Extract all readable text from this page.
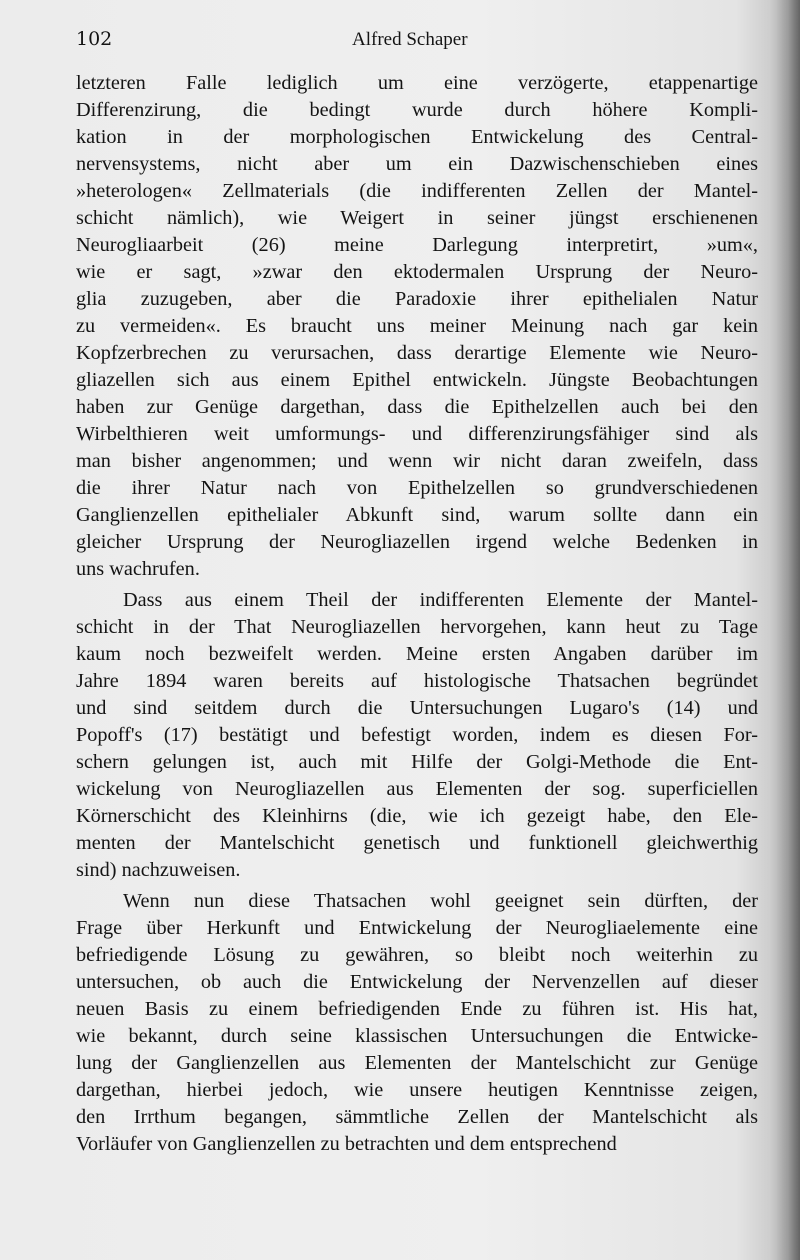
102	Alfred Schaper
letzteren Falle lediglich um eine verzögerte, etappenartige
Differenzirung, die bedingt wurde durch höhere Kompli-
kation in der morphologischen Entwickelung des Central-
nervensystems, nicht aber um ein Dazwischenschieben eines
»heterologen« Zellmaterials (die indifferenten Zellen der Mantel-
schicht nämlich), wie Weigert in seiner jüngst erschienenen
Neurogliaarbeit (26) meine Darlegung interpretirt, »um«,
wie er sagt, »zwar den ektodermalen Ursprung der Neuro-
glia zuzugeben, aber die Paradoxie ihrer epithelialen Natur
zu vermeiden«. Es braucht uns meiner Meinung nach gar kein
Kopfzerbrechen zu verursachen, dass derartige Elemente wie Neuro-
gliazellen sich aus einem Epithel entwickeln. Jüngste Beobachtungen
haben zur Genüge dargethan, dass die Epithelzellen auch bei den
Wirbelthieren weit umformungs- und differenzirungsfähiger sind als
man bisher angenommen; und wenn wir nicht daran zweifeln, dass
die ihrer Natur nach von Epithelzellen so grundverschiedenen
Ganglienzellen epithelialer Abkunft sind, warum sollte dann ein
gleicher Ursprung der Neurogliazellen irgend welche Bedenken in
uns wachrufen.
Dass aus einem Theil der indifferenten Elemente der Mantel-
schicht in der That Neurogliazellen hervorgehen, kann heut zu Tage
kaum noch bezweifelt werden. Meine ersten Angaben darüber im
Jahre 1894 waren bereits auf histologische Thatsachen begründet
und sind seitdem durch die Untersuchungen Lugaro's (14) und
Popoff's (17) bestätigt und befestigt worden, indem es diesen For-
schern gelungen ist, auch mit Hilfe der Golgi-Methode die Ent-
wickelung von Neurogliazellen aus Elementen der sog. superficiellen
Körnerschicht des Kleinhirns (die, wie ich gezeigt habe, den Ele-
menten der Mantelschicht genetisch und funktionell gleichwerthig
sind) nachzuweisen.
Wenn nun diese Thatsachen wohl geeignet sein dürften, der
Frage über Herkunft und Entwickelung der Neurogliaelemente eine
befriedigende Lösung zu gewähren, so bleibt noch weiterhin zu
untersuchen, ob auch die Entwickelung der Nervenzellen auf dieser
neuen Basis zu einem befriedigenden Ende zu führen ist. His hat,
wie bekannt, durch seine klassischen Untersuchungen die Entwicke-
lung der Ganglienzellen aus Elementen der Mantelschicht zur Genüge
dargethan, hierbei jedoch, wie unsere heutigen Kenntnisse zeigen,
den Irrthum begangen, sämmtliche Zellen der Mantelschicht als
Vorläufer von Ganglienzellen zu betrachten und dem entsprechend
